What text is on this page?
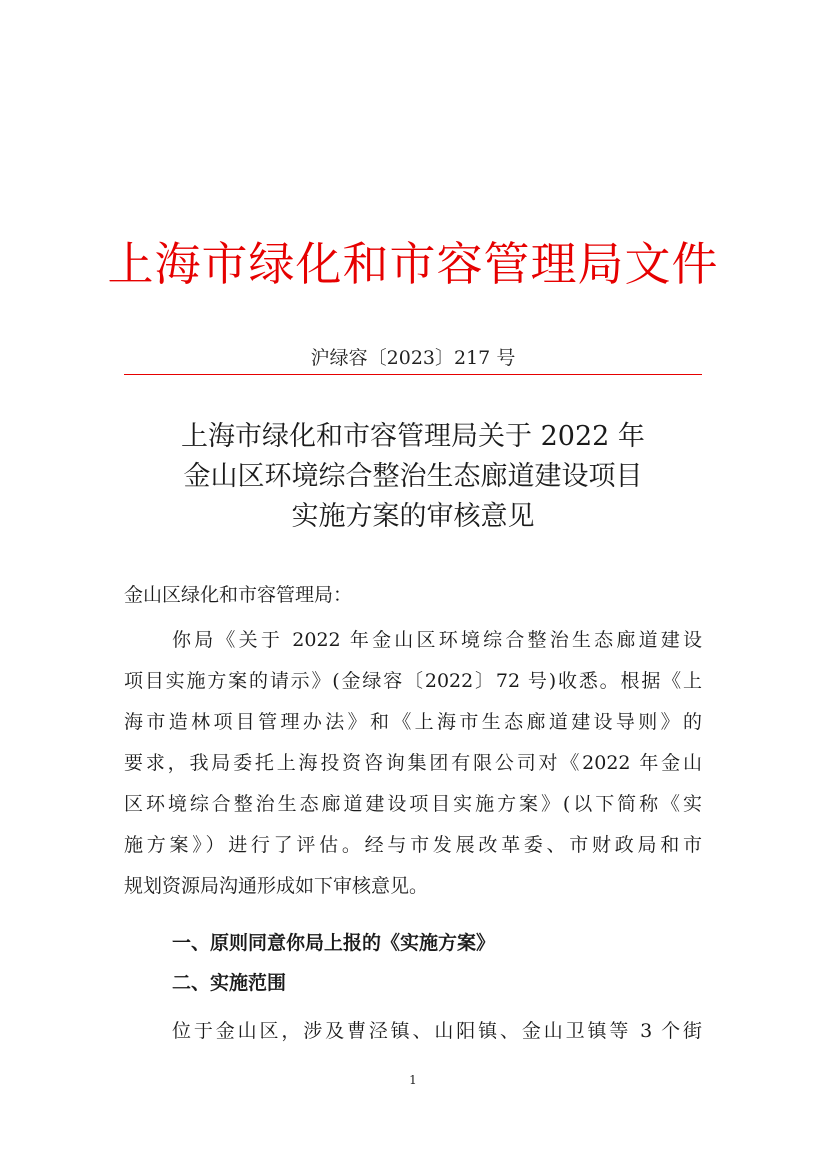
上海市绿化和市容管理局文件
沪绿容〔2023〕217 号
上海市绿化和市容管理局关于 2022 年
金山区环境综合整治生态廊道建设项目
实施方案的审核意见
金山区绿化和市容管理局：
你局《关于 2022 年金山区环境综合整治生态廊道建设
项目实施方案的请示》(金绿容〔2022〕72 号)收悉。根据《上
海市造林项目管理办法》和《上海市生态廊道建设导则》的
要求，我局委托上海投资咨询集团有限公司对《2022 年金山
区环境综合整治生态廊道建设项目实施方案》(以下简称《实
施方案》）进行了评估。经与市发展改革委、市财政局和市
规划资源局沟通形成如下审核意见。
一、原则同意你局上报的《实施方案》
二、实施范围
位于金山区，涉及曹泾镇、山阳镇、金山卫镇等 3 个街
1
